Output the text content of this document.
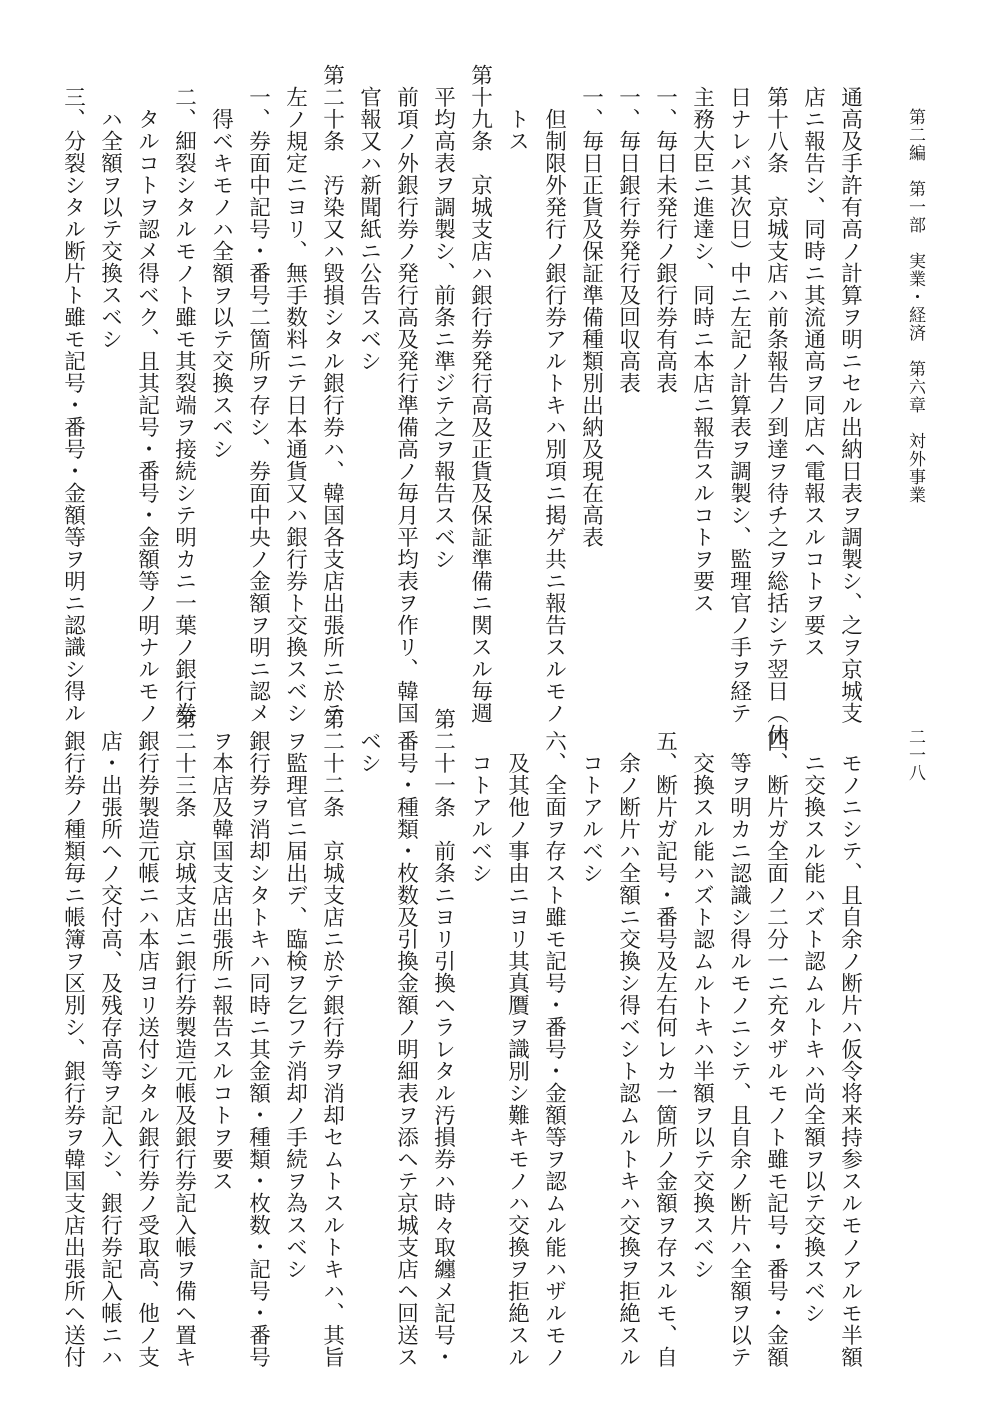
第二編　第一部　実業・経済　第六章　対外事業
二一八
通高及手許有高ノ計算ヲ明ニセル出納日表ヲ調製シ、之ヲ京城支
店ニ報告シ、同時ニ其流通高ヲ同店ヘ電報スルコトヲ要ス
第十八条　京城支店ハ前条報告ノ到達ヲ待チ之ヲ総括シテ翌日（休
日ナレバ其次日）中ニ左記ノ計算表ヲ調製シ、監理官ノ手ヲ経テ
主務大臣ニ進達シ、同時ニ本店ニ報告スルコトヲ要ス
一、毎日未発行ノ銀行券有高表
一、毎日銀行券発行及回収高表
一、毎日正貨及保証準備種類別出納及現在高表
但制限外発行ノ銀行券アルトキハ別項ニ掲ゲ共ニ報告スルモノ
トス
第十九条　京城支店ハ銀行券発行高及正貨及保証準備ニ関スル毎週
平均高表ヲ調製シ、前条ニ準ジテ之ヲ報告スベシ
前項ノ外銀行券ノ発行高及発行準備高ノ毎月平均表ヲ作リ、韓国
官報又ハ新聞紙ニ公告スベシ
第二十条　汚染又ハ毀損シタル銀行券ハ、韓国各支店出張所ニ於テ
左ノ規定ニヨリ、無手数料ニテ日本通貨又ハ銀行券ト交換スベシ
一、券面中記号・番号二箇所ヲ存シ、券面中央ノ金額ヲ明ニ認メ
得ベキモノハ全額ヲ以テ交換スベシ
二、細裂シタルモノト雖モ其裂端ヲ接続シテ明カニ一葉ノ銀行券
タルコトヲ認メ得ベク、且其記号・番号・金額等ノ明ナルモノ
ハ全額ヲ以テ交換スベシ
三、分裂シタル断片ト雖モ記号・番号・金額等ヲ明ニ認識シ得ル
モノニシテ、且自余ノ断片ハ仮令将来持参スルモノアルモ半額
ニ交換スル能ハズト認ムルトキハ尚全額ヲ以テ交換スベシ
四、断片ガ全面ノ二分一ニ充タザルモノト雖モ記号・番号・金額
等ヲ明カニ認識シ得ルモノニシテ、且自余ノ断片ハ全額ヲ以テ
交換スル能ハズト認ムルトキハ半額ヲ以テ交換スベシ
五、断片ガ記号・番号及左右何レカ一箇所ノ金額ヲ存スルモ、自
余ノ断片ハ全額ニ交換シ得ベシト認ムルトキハ交換ヲ拒絶スル
コトアルベシ
六、全面ヲ存スト雖モ記号・番号・金額等ヲ認ムル能ハザルモノ
及其他ノ事由ニヨリ其真贋ヲ識別シ難キモノハ交換ヲ拒絶スル
コトアルベシ
第二十一条　前条ニヨリ引換ヘラレタル汚損券ハ時々取纏メ記号・
番号・種類・枚数及引換金額ノ明細表ヲ添ヘテ京城支店ヘ回送ス
ベシ
第二十二条　京城支店ニ於テ銀行券ヲ消却セムトスルトキハ、其旨
ヲ監理官ニ届出デ、臨検ヲ乞フテ消却ノ手続ヲ為スベシ
銀行券ヲ消却シタトキハ同時ニ其金額・種類・枚数・記号・番号
ヲ本店及韓国支店出張所ニ報告スルコトヲ要ス
第二十三条　京城支店ニ銀行券製造元帳及銀行券記入帳ヲ備ヘ置キ
銀行券製造元帳ニハ本店ヨリ送付シタル銀行券ノ受取高、他ノ支
店・出張所ヘノ交付高、及残存高等ヲ記入シ、銀行券記入帳ニハ
銀行券ノ種類毎ニ帳簿ヲ区別シ、銀行券ヲ韓国支店出張所ヘ送付
